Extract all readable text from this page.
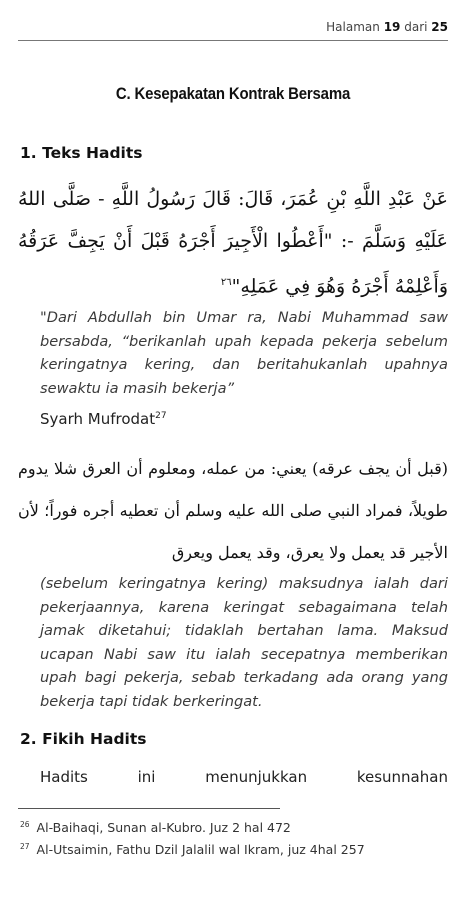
Halaman 19 dari 25
C. Kesepakatan Kontrak Bersama
1. Teks Hadits
عَنْ عَبْدِ اللَّهِ بْنِ عُمَرَ، قَالَ: قَالَ رَسُولُ اللَّهِ - صَلَّى اللهُ عَلَيْهِ وَسَلَّمَ -: "أَعْطُوا الْأَجِيرَ أَجْرَهُ قَبْلَ أَنْ يَجِفَّ عَرَقُهُ وَأَعْلِمْهُ أَجْرَهُ وَهُوَ فِي عَمَلِهِ"$^{٢٦}$
"Dari Abdullah bin Umar ra, Nabi Muhammad saw bersabda, “berikanlah upah kepada pekerja sebelum keringatnya kering, dan beritahukanlah upahnya sewaktu ia masih bekerja”
Syarh Mufrodat$^{27}$
(قبل أن يجف عرقه) يعني: من عمله، ومعلوم أن العرق شلا يدوم طويلاً، فمراد النبي صلى الله عليه وسلم أن تعطيه أجره فوراً؛ لأن الأجير قد يعمل ولا يعرق، وقد يعمل ويعرق
(sebelum keringatnya kering) maksudnya ialah dari pekerjaannya, karena keringat sebagaimana telah jamak diketahui; tidaklah bertahan lama. Maksud ucapan Nabi saw itu ialah secepatnya memberikan upah bagi pekerja, sebab terkadang ada orang yang bekerja tapi tidak berkeringat.
2. Fikih Hadits
Hadits	ini	menunjukkan	kesunnahan
$^{26}$ Al-Baihaqi, Sunan al-Kubro. Juz 2 hal 472
$^{27}$ Al-Utsaimin, Fathu Dzil Jalalil wal Ikram, juz 4hal 257
